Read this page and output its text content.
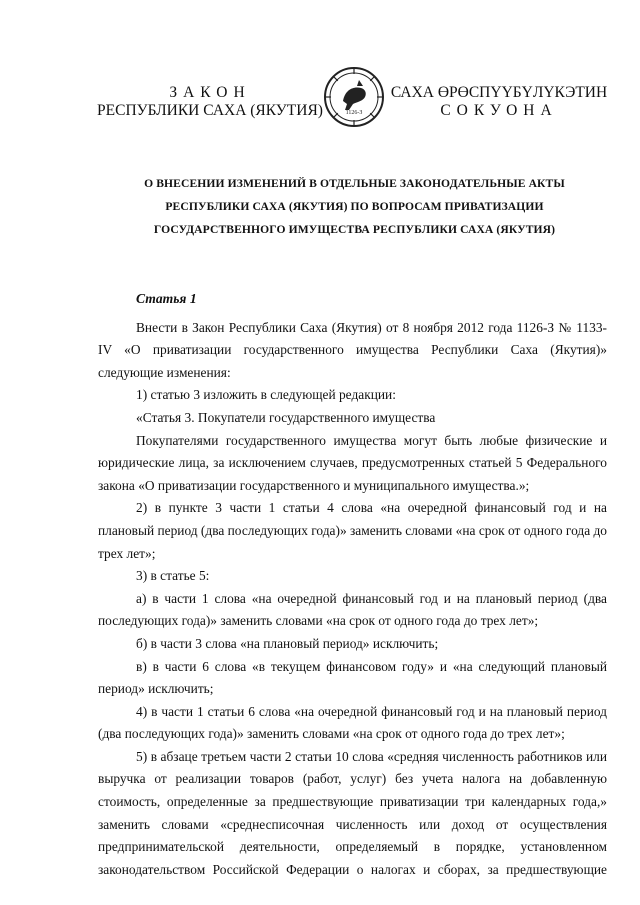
ЗАКОН
РЕСПУБЛИКИ САХА (ЯКУТИЯ)	1126-З
САХА ӨРӨСПҮҮБҮЛҮКЭТИН
СОКУОНА
О ВНЕСЕНИИ ИЗМЕНЕНИЙ В ОТДЕЛЬНЫЕ ЗАКОНОДАТЕЛЬНЫЕ АКТЫ
РЕСПУБЛИКИ САХА (ЯКУТИЯ) ПО ВОПРОСАМ ПРИВАТИЗАЦИИ
ГОСУДАРСТВЕННОГО ИМУЩЕСТВА РЕСПУБЛИКИ САХА (ЯКУТИЯ)
Статья 1

Внести в Закон Республики Саха (Якутия) от 8 ноября 2012 года 1126-З № 1133-IV «О приватизации государственного имущества Республики Саха (Якутия)» следующие изменения:

1) статью 3 изложить в следующей редакции:

«Статья 3. Покупатели государственного имущества

Покупателями государственного имущества могут быть любые физические и юридические лица, за исключением случаев, предусмотренных статьей 5 Федерального закона «О приватизации государственного и муниципального имущества.»;

2) в пункте 3 части 1 статьи 4 слова «на очередной финансовый год и на плановый период (два последующих года)» заменить словами «на срок от одного года до трех лет»;

3) в статье 5:

а) в части 1 слова «на очередной финансовый год и на плановый период (два последующих года)» заменить словами «на срок от одного года до трех лет»;

б) в части 3 слова «на плановый период» исключить;

в) в части 6 слова «в текущем финансовом году» и «на следующий плановый период» исключить;

4) в части 1 статьи 6 слова «на очередной финансовый год и на плановый период (два последующих года)» заменить словами «на срок от одного года до трех лет»;

5) в абзаце третьем части 2 статьи 10 слова «средняя численность работников или выручка от реализации товаров (работ, услуг) без учета налога на добавленную стоимость, определенные за предшествующие приватизации три календарных года,» заменить словами «среднесписочная численность или доход от осуществления предпринимательской деятельности, определяемый в порядке, установленном законодательством Российской Федерации о налогах и сборах, за предшествующие
